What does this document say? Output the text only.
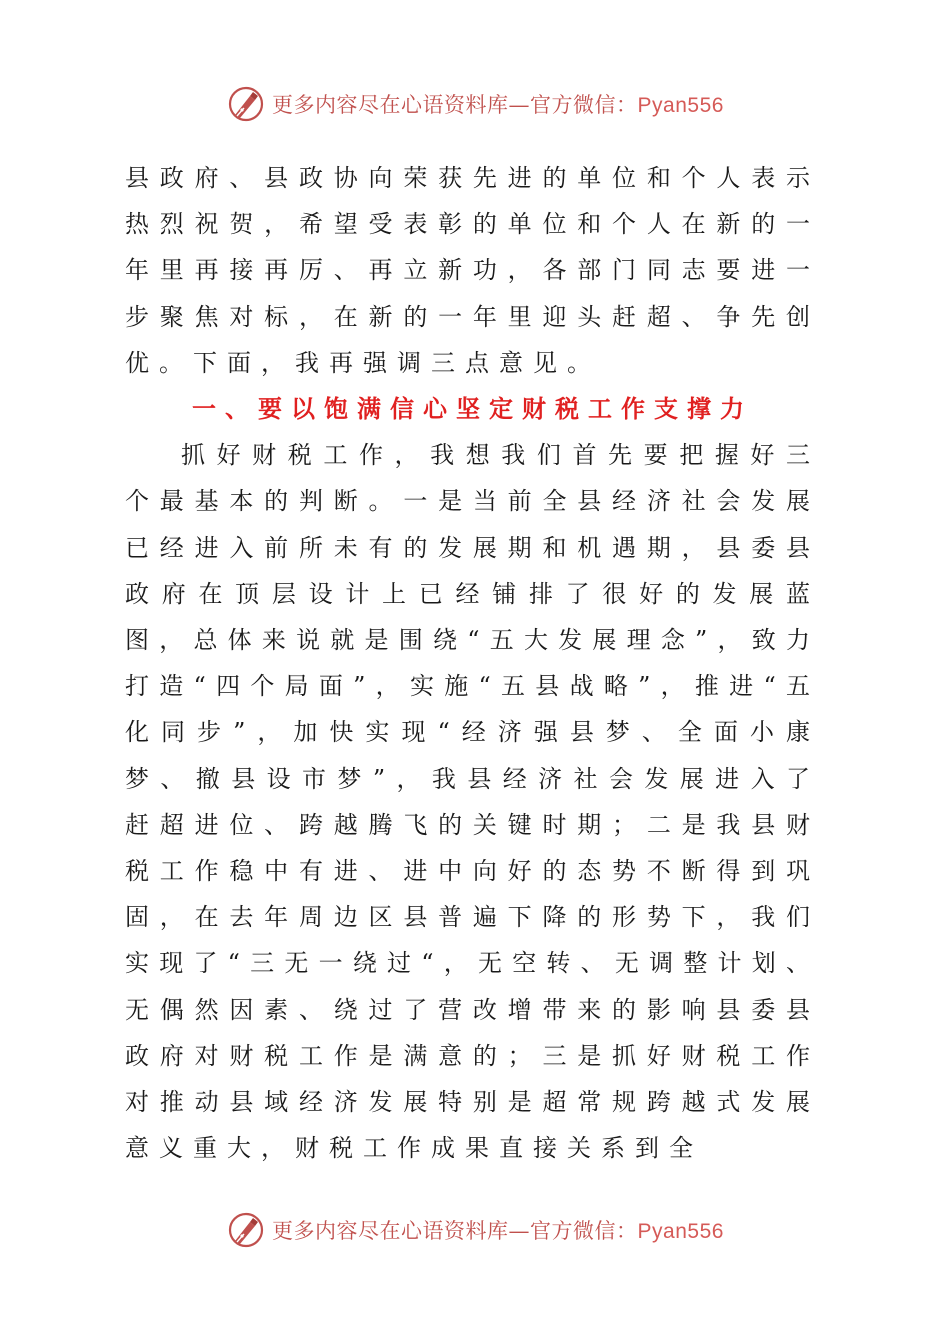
更多内容尽在心语资料库—官方微信：Pyan556

县政府、县政协向荣获先进的单位和个人表示热烈祝贺，希望受表彰的单位和个人在新的一年里再接再厉、再立新功，各部门同志要进一步聚焦对标，在新的一年里迎头赶超、争先创优。下面，我再强调三点意见。

一、要以饱满信心坚定财税工作支撑力

抓好财税工作，我想我们首先要把握好三个最基本的判断。一是当前全县经济社会发展已经进入前所未有的发展期和机遇期，县委县政府在顶层设计上已经铺排了很好的发展蓝图，总体来说就是围绕“五大发展理念”，致力打造“四个局面”，实施“五县战略”，推进“五化同步”，加快实现“经济强县梦、全面小康梦、撤县设市梦”，我县经济社会发展进入了赶超进位、跨越腾飞的关键时期；二是我县财税工作稳中有进、进中向好的态势不断得到巩固，在去年周边区县普遍下降的形势下，我们实现了“三无一绕过“，无空转、无调整计划、无偶然因素、绕过了营改增带来的影响县委县政府对财税工作是满意的；三是抓好财税工作对推动县域经济发展特别是超常规跨越式发展意义重大，财税工作成果直接关系到全

更多内容尽在心语资料库—官方微信：Pyan556
